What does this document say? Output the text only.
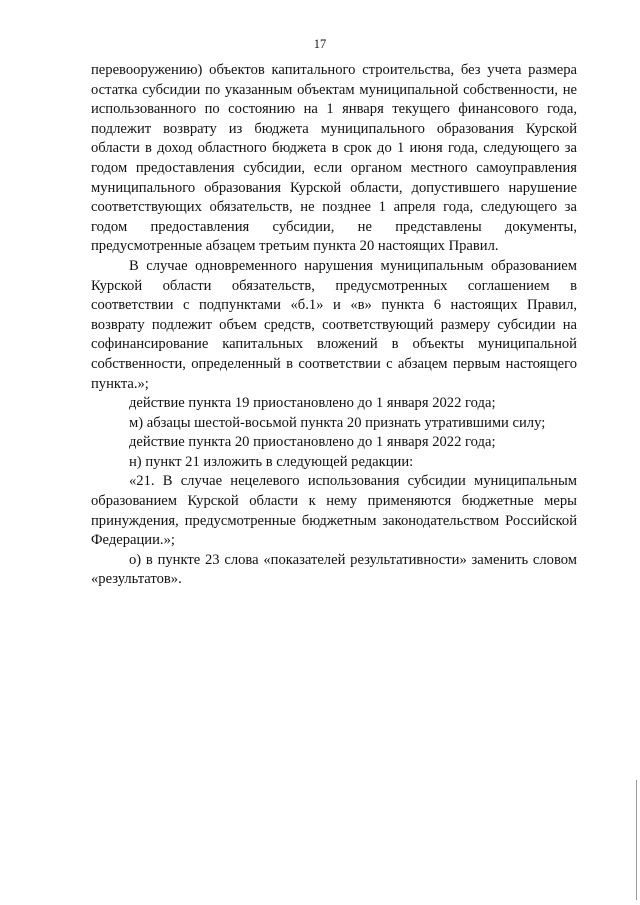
17

перевооружению) объектов капитального строительства, без учета размера остатка субсидии по указанным объектам муниципальной собственности, не использованного по состоянию на 1 января текущего финансового года, подлежит возврату из бюджета муниципального образования Курской области в доход областного бюджета в срок до 1 июня года, следующего за годом предоставления субсидии, если органом местного самоуправления муниципального образования Курской области, допустившего нарушение соответствующих обязательств, не позднее 1 апреля года, следующего за годом предоставления субсидии, не представлены документы, предусмотренные абзацем третьим пункта 20 настоящих Правил.

В случае одновременного нарушения муниципальным образованием Курской области обязательств, предусмотренных соглашением в соответствии с подпунктами «б.1» и «в» пункта 6 настоящих Правил, возврату подлежит объем средств, соответствующий размеру субсидии на софинансирование капитальных вложений в объекты муниципальной собственности, определенный в соответствии с абзацем первым настоящего пункта.»;

действие пункта 19 приостановлено до 1 января 2022 года;

м) абзацы шестой-восьмой пункта 20 признать утратившими силу;

действие пункта 20 приостановлено до 1 января 2022 года;

н) пункт 21 изложить в следующей редакции:

«21. В случае нецелевого использования субсидии муниципальным образованием Курской области к нему применяются бюджетные меры принуждения, предусмотренные бюджетным законодательством Российской Федерации.»;

о) в пункте 23 слова «показателей результативности» заменить словом «результатов».
